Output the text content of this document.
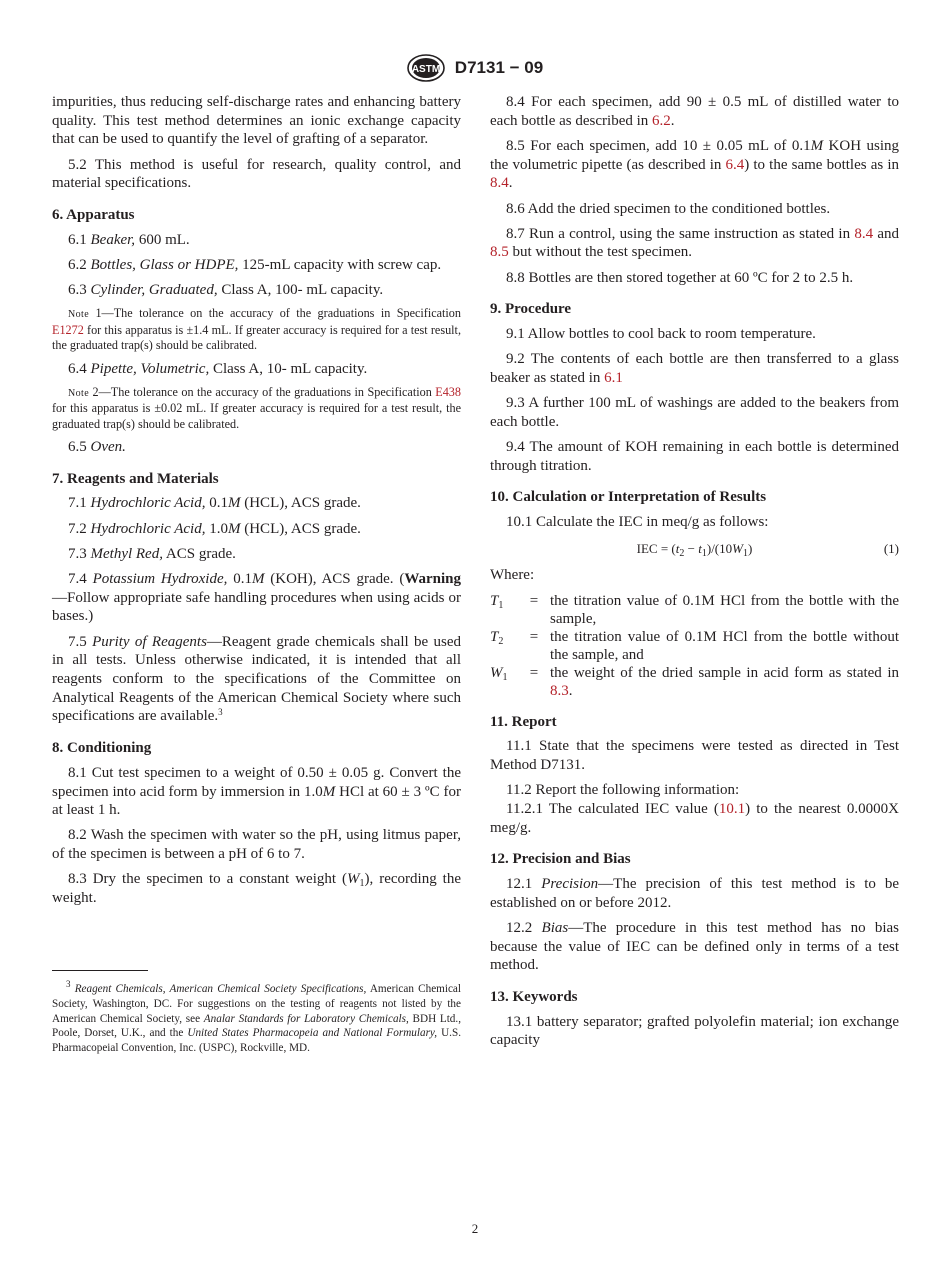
ASTM D7131 − 09

impurities, thus reducing self-discharge rates and enhancing battery quality. This test method determines an ionic exchange capacity that can be used to quantify the level of grafting of a separator.

5.2 This method is useful for research, quality control, and material specifications.

6. Apparatus

6.1 Beaker, 600 mL.

6.2 Bottles, Glass or HDPE, 125-mL capacity with screw cap.

6.3 Cylinder, Graduated, Class A, 100- mL capacity.

Note 1—The tolerance on the accuracy of the graduations in Specification E1272 for this apparatus is ±1.4 mL. If greater accuracy is required for a test result, the graduated trap(s) should be calibrated.

6.4 Pipette, Volumetric, Class A, 10- mL capacity.

Note 2—The tolerance on the accuracy of the graduations in Specification E438 for this apparatus is ±0.02 mL. If greater accuracy is required for a test result, the graduated trap(s) should be calibrated.

6.5 Oven.

7. Reagents and Materials

7.1 Hydrochloric Acid, 0.1M (HCL), ACS grade.

7.2 Hydrochloric Acid, 1.0M (HCL), ACS grade.

7.3 Methyl Red, ACS grade.

7.4 Potassium Hydroxide, 0.1M (KOH), ACS grade. (Warning—Follow appropriate safe handling procedures when using acids or bases.)

7.5 Purity of Reagents—Reagent grade chemicals shall be used in all tests. Unless otherwise indicated, it is intended that all reagents conform to the specifications of the Committee on Analytical Reagents of the American Chemical Society where such specifications are available.$^3$

8. Conditioning

8.1 Cut test specimen to a weight of 0.50 ± 0.05 g. Convert the specimen into acid form by immersion in 1.0M HCl at 60 ± 3 ºC for at least 1 h.

8.2 Wash the specimen with water so the pH, using litmus paper, of the specimen is between a pH of 6 to 7.

8.3 Dry the specimen to a constant weight $(W_1)$, recording the weight.

8.4 For each specimen, add 90 ± 0.5 mL of distilled water to each bottle as described in 6.2.

8.5 For each specimen, add 10 ± 0.05 mL of 0.1M KOH using the volumetric pipette (as described in 6.4) to the same bottles as in 8.4.

8.6 Add the dried specimen to the conditioned bottles.

8.7 Run a control, using the same instruction as stated in 8.4 and 8.5 but without the test specimen.

8.8 Bottles are then stored together at 60 ºC for 2 to 2.5 h.

9. Procedure

9.1 Allow bottles to cool back to room temperature.

9.2 The contents of each bottle are then transferred to a glass beaker as stated in 6.1

9.3 A further 100 mL of washings are added to the beakers from each bottle.

9.4 The amount of KOH remaining in each bottle is determined through titration.

10. Calculation or Interpretation of Results

10.1 Calculate the IEC in meq/g as follows:

IEC = $(t_2 - t_1)/(10W_1)$	(1)

Where:

$T_1$	=	the titration value of 0.1M HCl from the bottle with the sample,
$T_2$	=	the titration value of 0.1M HCl from the bottle without the sample, and
$W_1$	=	the weight of the dried sample in acid form as stated in 8.3.
11. Report

11.1 State that the specimens were tested as directed in Test Method D7131.

11.2 Report the following information:

11.2.1 The calculated IEC value (10.1) to the nearest 0.0000X meg/g.

12. Precision and Bias

12.1 Precision—The precision of this test method is to be established on or before 2012.

12.2 Bias—The procedure in this test method has no bias because the value of IEC can be defined only in terms of a test method.

13. Keywords

13.1 battery separator; grafted polyolefin material; ion exchange capacity

$^3$ Reagent Chemicals, American Chemical Society Specifications, American Chemical Society, Washington, DC. For suggestions on the testing of reagents not listed by the American Chemical Society, see Analar Standards for Laboratory Chemicals, BDH Ltd., Poole, Dorset, U.K., and the United States Pharmacopeia and National Formulary, U.S. Pharmacopeial Convention, Inc. (USPC), Rockville, MD.
2
